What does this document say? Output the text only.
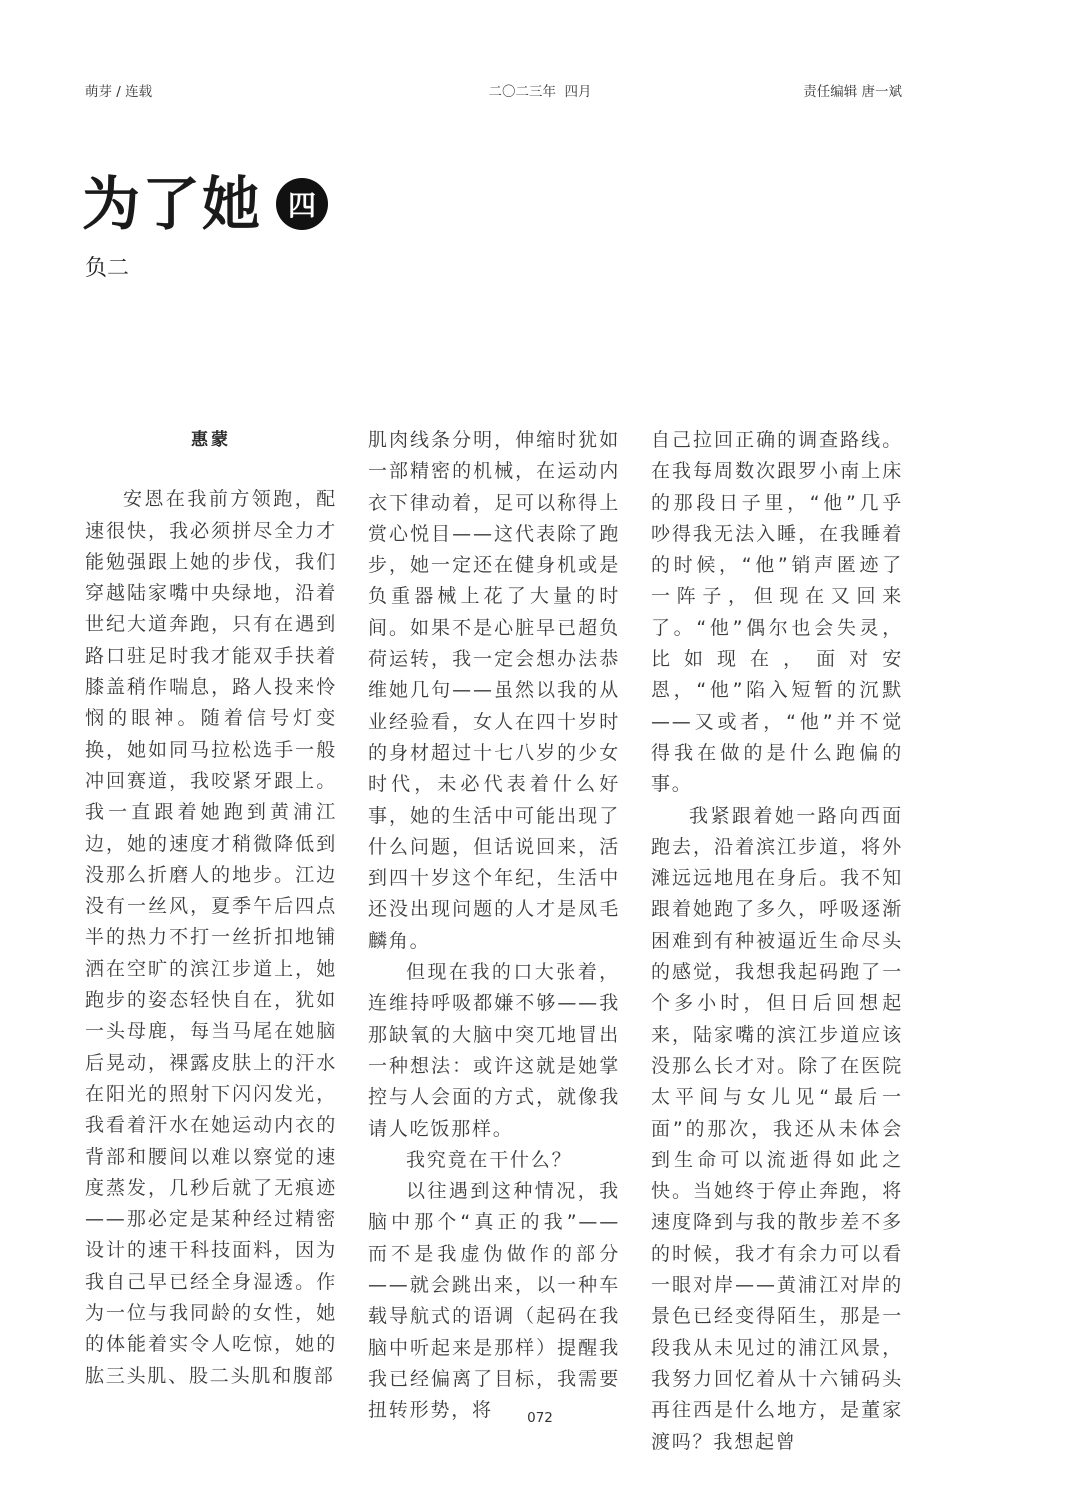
萌芽 / 连载	二〇二三年  四月	责任编辑 唐一斌
为了她 四
负二
惠蒙

安恩在我前方领跑，配速很快，我必须拼尽全力才能勉强跟上她的步伐，我们穿越陆家嘴中央绿地，沿着世纪大道奔跑，只有在遇到路口驻足时我才能双手扶着膝盖稍作喘息，路人投来怜悯的眼神。随着信号灯变换，她如同马拉松选手一般冲回赛道，我咬紧牙跟上。我一直跟着她跑到黄浦江边，她的速度才稍微降低到没那么折磨人的地步。江边没有一丝风，夏季午后四点半的热力不打一丝折扣地铺洒在空旷的滨江步道上，她跑步的姿态轻快自在，犹如一头母鹿，每当马尾在她脑后晃动，裸露皮肤上的汗水在阳光的照射下闪闪发光，我看着汗水在她运动内衣的背部和腰间以难以察觉的速度蒸发，几秒后就了无痕迹——那必定是某种经过精密设计的速干科技面料，因为我自己早已经全身湿透。作为一位与我同龄的女性，她的体能着实令人吃惊，她的肱三头肌、股二头肌和腹部

肌肉线条分明，伸缩时犹如一部精密的机械，在运动内衣下律动着，足可以称得上赏心悦目——这代表除了跑步，她一定还在健身机或是负重器械上花了大量的时间。如果不是心脏早已超负荷运转，我一定会想办法恭维她几句——虽然以我的从业经验看，女人在四十岁时的身材超过十七八岁的少女时代，未必代表着什么好事，她的生活中可能出现了什么问题，但话说回来，活到四十岁这个年纪，生活中还没出现问题的人才是凤毛麟角。

但现在我的口大张着，连维持呼吸都嫌不够——我那缺氧的大脑中突兀地冒出一种想法：或许这就是她掌控与人会面的方式，就像我请人吃饭那样。

我究竟在干什么？

以往遇到这种情况，我脑中那个“真正的我”——而不是我虚伪做作的部分——就会跳出来，以一种车载导航式的语调（起码在我脑中听起来是那样）提醒我我已经偏离了目标，我需要扭转形势，将

自己拉回正确的调查路线。在我每周数次跟罗小南上床的那段日子里，“他”几乎吵得我无法入睡，在我睡着的时候，“他”销声匿迹了一阵子，但现在又回来了。“他”偶尔也会失灵，比如现在，面对安恩，“他”陷入短暂的沉默——又或者，“他”并不觉得我在做的是什么跑偏的事。

我紧跟着她一路向西面跑去，沿着滨江步道，将外滩远远地甩在身后。我不知跟着她跑了多久，呼吸逐渐困难到有种被逼近生命尽头的感觉，我想我起码跑了一个多小时，但日后回想起来，陆家嘴的滨江步道应该没那么长才对。除了在医院太平间与女儿见“最后一面”的那次，我还从未体会到生命可以流逝得如此之快。当她终于停止奔跑，将速度降到与我的散步差不多的时候，我才有余力可以看一眼对岸——黄浦江对岸的景色已经变得陌生，那是一段我从未见过的浦江风景，我努力回忆着从十六铺码头再往西是什么地方，是董家渡吗？我想起曾

072
